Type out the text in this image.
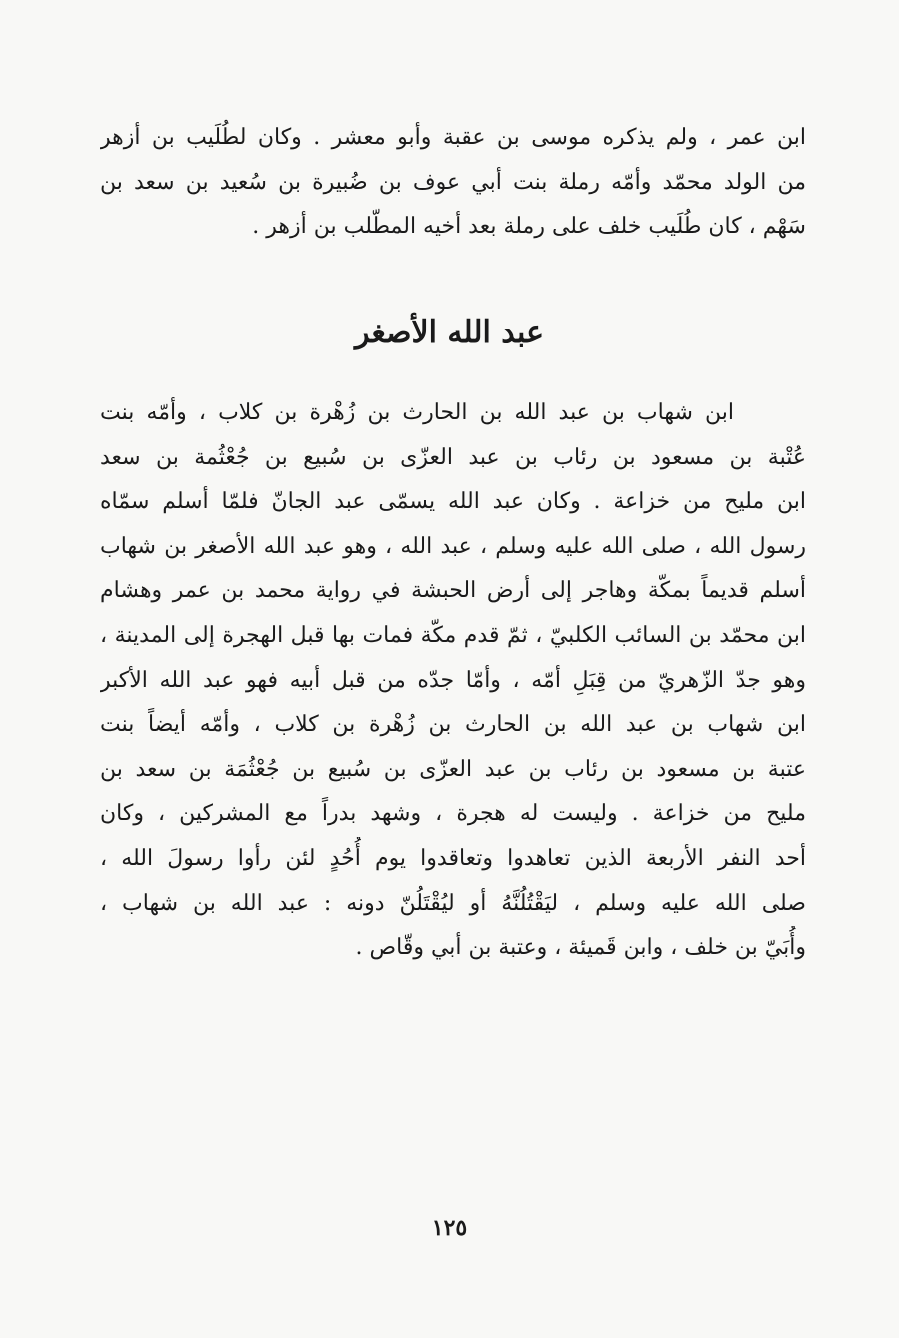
ابن عمر ، ولم يذكره موسى بن عقبة وأبو معشر . وكان لطُلَيب بن أزهر
من الولد محمّد وأمّه رملة بنت أبي عوف بن ضُبيرة بن سُعيد بن سعد بن
سَهْم ، كان طُلَيب خلف على رملة بعد أخيه المطّلب بن أزهر .
عبد الله الأصغر
ابن شهاب بن عبد الله بن الحارث بن زُهْرة بن كلاب ، وأمّه بنت
عُتْبة بن مسعود بن رئاب بن عبد العزّى بن سُبيع بن جُعْثُمة بن سعد
ابن مليح من خزاعة . وكان عبد الله يسمّى عبد الجانّ فلمّا أسلم سمّاه
رسول الله ، صلى الله عليه وسلم ، عبد الله ، وهو عبد الله الأصغر بن شهاب
أسلم قديماً بمكّة وهاجر إلى أرض الحبشة في رواية محمد بن عمر وهشام
ابن محمّد بن السائب الكلبيّ ، ثمّ قدم مكّة فمات بها قبل الهجرة إلى المدينة ،
وهو جدّ الزّهريّ من قِبَلِ أمّه ، وأمّا جدّه من قبل أبيه فهو عبد الله الأكبر
ابن شهاب بن عبد الله بن الحارث بن زُهْرة بن كلاب ، وأمّه أيضاً بنت
عتبة بن مسعود بن رئاب بن عبد العزّى بن سُبيع بن جُعْثُمَة بن سعد بن
مليح من خزاعة . وليست له هجرة ، وشهد بدراً مع المشركين ، وكان
أحد النفر الأربعة الذين تعاهدوا وتعاقدوا يوم أُحُدٍ لئن رأوا رسولَ الله ،
صلى الله عليه وسلم ، ليَقْتُلُنَّهُ أو ليُقْتَلُنّ دونه : عبد الله بن شهاب ،
وأُبَيّ بن خلف ، وابن قَميئة ، وعتبة بن أبي وقّاص .
١٢٥
